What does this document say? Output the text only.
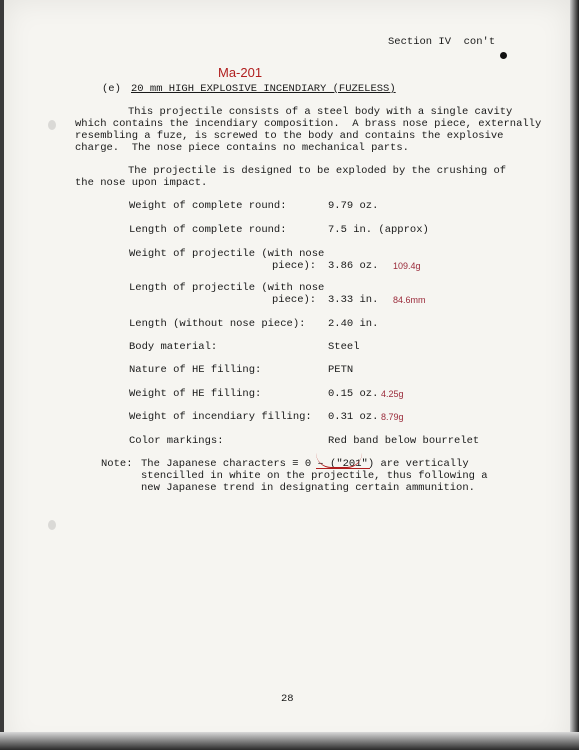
Section IV  con't
Ma-201
(e) 20 mm HIGH EXPLOSIVE INCENDIARY (FUZELESS)
This projectile consists of a steel body with a single cavity
which contains the incendiary composition.  A brass nose piece, externally
resembling a fuze, is screwed to the body and contains the explosive
charge.  The nose piece contains no mechanical parts.
The projectile is designed to be exploded by the crushing of
the nose upon impact.
Weight of complete round:	9.79 oz.
Length of complete round:	7.5 in. (approx)
Weight of projectile (with nose
piece): 3.86 oz. 109.4g
Length of projectile (with nose
piece): 3.33 in. 84.6mm
Length (without nose piece): 2.40 in.
Body material:	Steel
Nature of HE filling:	PETN
Weight of HE filling:	0.15 oz. 4.25g
Weight of incendiary filling: 0.31 oz. 8.79g
Color markings:	Red band below bourrelet
Note: The Japanese characters ≡ 0 – ("201") are vertically
stencilled in white on the projectile, thus following a
new Japanese trend in designating certain ammunition.
28
